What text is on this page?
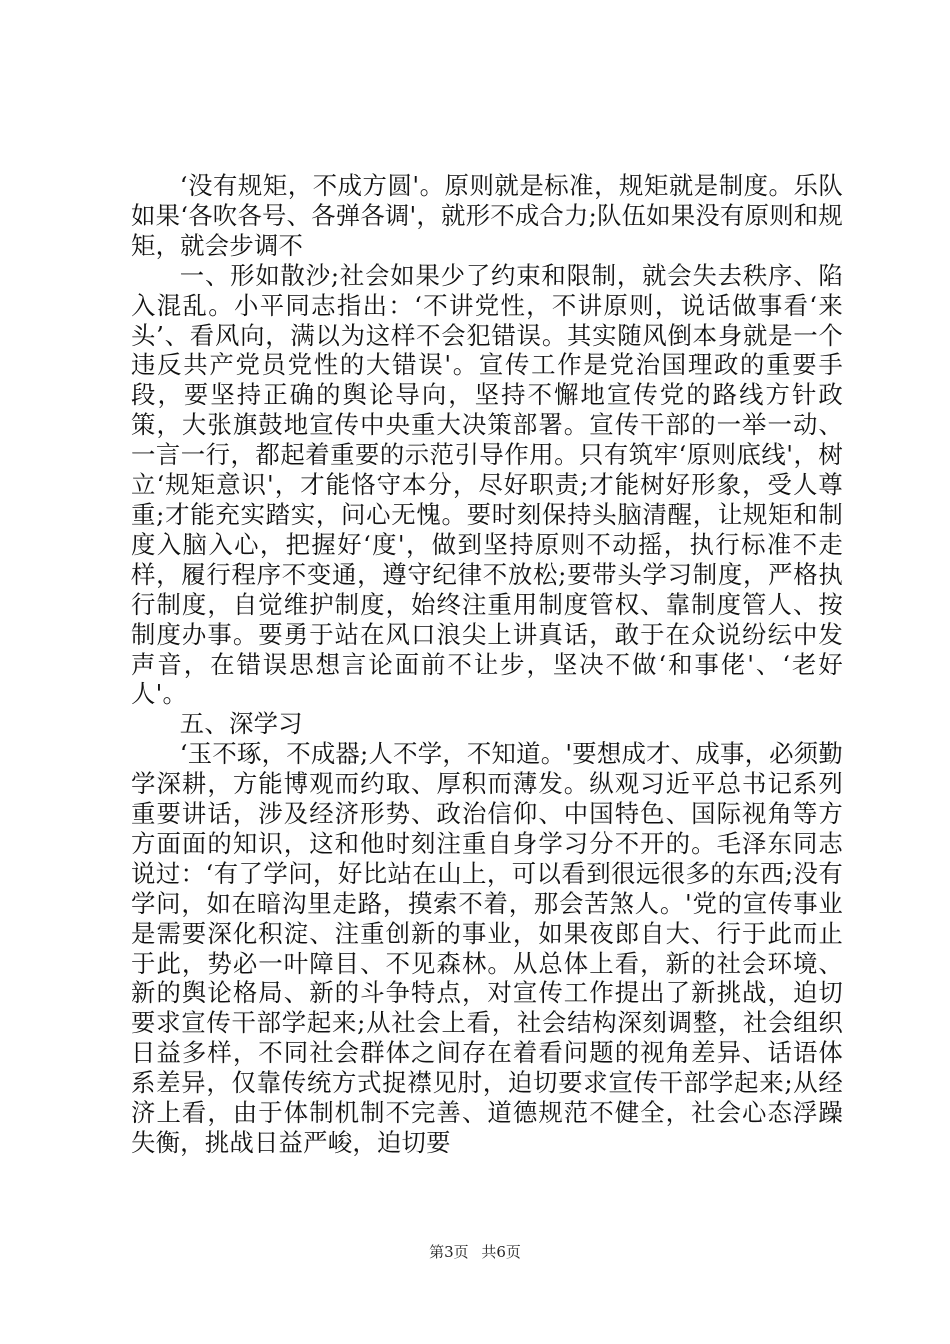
‘没有规矩，不成方圆'。原则就是标准，规矩就是制度。乐队如果‘各吹各号、各弹各调'，就形不成合力;队伍如果没有原则和规矩，就会步调不

一、形如散沙;社会如果少了约束和限制，就会失去秩序、陷入混乱。小平同志指出：‘不讲党性，不讲原则，说话做事看‘来头’、看风向，满以为这样不会犯错误。其实随风倒本身就是一个违反共产党员党性的大错误'。宣传工作是党治国理政的重要手段，要坚持正确的舆论导向，坚持不懈地宣传党的路线方针政策，大张旗鼓地宣传中央重大决策部署。宣传干部的一举一动、一言一行，都起着重要的示范引导作用。只有筑牢‘原则底线'，树立‘规矩意识'，才能恪守本分，尽好职责;才能树好形象，受人尊重;才能充实踏实，问心无愧。要时刻保持头脑清醒，让规矩和制度入脑入心，把握好‘度'，做到坚持原则不动摇，执行标准不走样，履行程序不变通，遵守纪律不放松;要带头学习制度，严格执行制度，自觉维护制度，始终注重用制度管权、靠制度管人、按制度办事。要勇于站在风口浪尖上讲真话，敢于在众说纷纭中发声音，在错误思想言论面前不让步，坚决不做‘和事佬'、‘老好人'。

五、深学习

‘玉不琢，不成器;人不学，不知道。'要想成才、成事，必须勤学深耕，方能博观而约取、厚积而薄发。纵观习近平总书记系列重要讲话，涉及经济形势、政治信仰、中国特色、国际视角等方方面面的知识，这和他时刻注重自身学习分不开的。毛泽东同志说过：‘有了学问，好比站在山上，可以看到很远很多的东西;没有学问，如在暗沟里走路，摸索不着，那会苦煞人。'党的宣传事业是需要深化积淀、注重创新的事业，如果夜郎自大、行于此而止于此，势必一叶障目、不见森林。从总体上看，新的社会环境、新的舆论格局、新的斗争特点，对宣传工作提出了新挑战，迫切要求宣传干部学起来;从社会上看，社会结构深刻调整，社会组织日益多样，不同社会群体之间存在着看问题的视角差异、话语体系差异，仅靠传统方式捉襟见肘，迫切要求宣传干部学起来;从经济上看，由于体制机制不完善、道德规范不健全，社会心态浮躁失衡，挑战日益严峻，迫切要

第3页 共6页
